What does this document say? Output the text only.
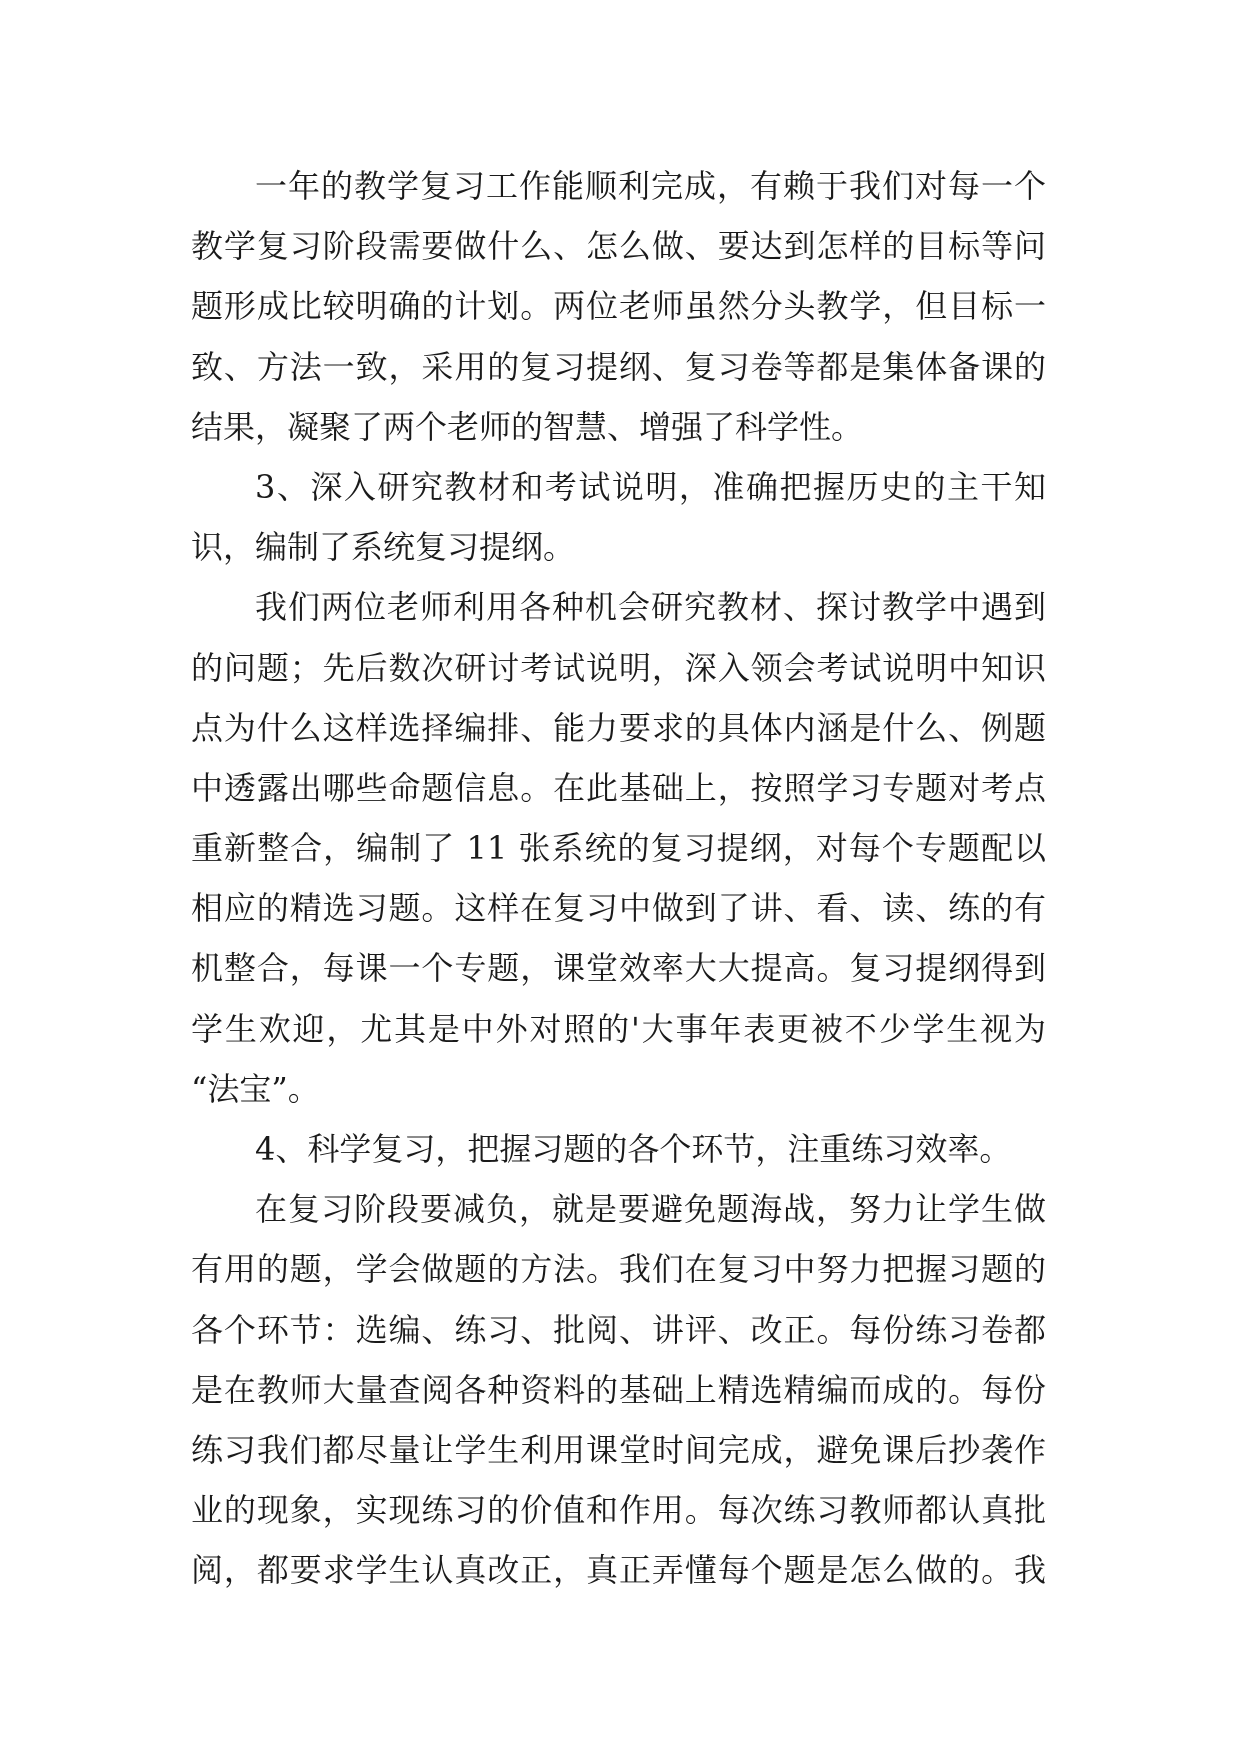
一年的教学复习工作能顺利完成，有赖于我们对每一个
教学复习阶段需要做什么、怎么做、要达到怎样的目标等问
题形成比较明确的计划。两位老师虽然分头教学，但目标一
致、方法一致，采用的复习提纲、复习卷等都是集体备课的
结果，凝聚了两个老师的智慧、增强了科学性。
3、深入研究教材和考试说明，准确把握历史的主干知
识，编制了系统复习提纲。
我们两位老师利用各种机会研究教材、探讨教学中遇到
的问题；先后数次研讨考试说明，深入领会考试说明中知识
点为什么这样选择编排、能力要求的具体内涵是什么、例题
中透露出哪些命题信息。在此基础上，按照学习专题对考点
重新整合，编制了 11 张系统的复习提纲，对每个专题配以
相应的精选习题。这样在复习中做到了讲、看、读、练的有
机整合，每课一个专题，课堂效率大大提高。复习提纲得到
学生欢迎，尤其是中外对照的'大事年表更被不少学生视为
“法宝”。
4、科学复习，把握习题的各个环节，注重练习效率。
在复习阶段要减负，就是要避免题海战，努力让学生做
有用的题，学会做题的方法。我们在复习中努力把握习题的
各个环节：选编、练习、批阅、讲评、改正。每份练习卷都
是在教师大量查阅各种资料的基础上精选精编而成的。每份
练习我们都尽量让学生利用课堂时间完成，避免课后抄袭作
业的现象，实现练习的价值和作用。每次练习教师都认真批
阅，都要求学生认真改正，真正弄懂每个题是怎么做的。我
